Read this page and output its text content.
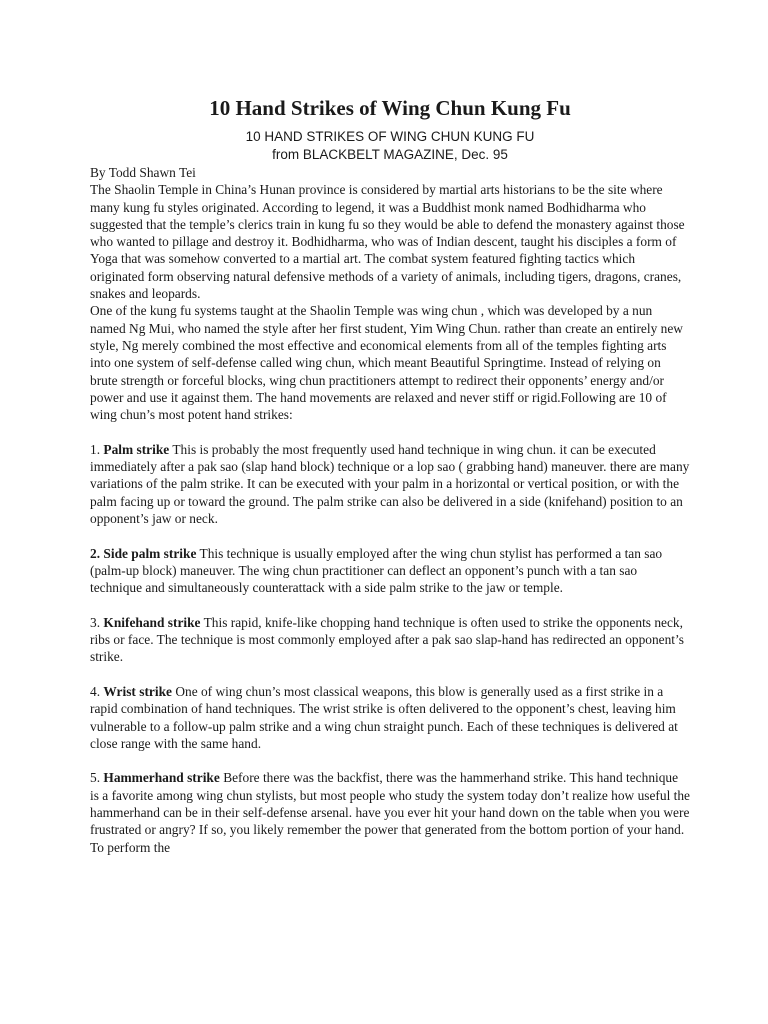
10 Hand Strikes of Wing Chun Kung Fu

10 HAND STRIKES OF WING CHUN KUNG FU

from BLACKBELT MAGAZINE, Dec. 95

By Todd Shawn Tei

The Shaolin Temple in China’s Hunan province is considered by martial arts historians to be the site where many kung fu styles originated. According to legend, it was a Buddhist monk named Bodhidharma who suggested that the temple’s clerics train in kung fu so they would be able to defend the monastery against those who wanted to pillage and destroy it. Bodhidharma, who was of Indian descent, taught his disciples a form of Yoga that was somehow converted to a martial art. The combat system featured fighting tactics which originated form observing natural defensive methods of a variety of animals, including tigers, dragons, cranes, snakes and leopards.

One of the kung fu systems taught at the Shaolin Temple was wing chun , which was developed by a nun named Ng Mui, who named the style after her first student, Yim Wing Chun. rather than create an entirely new style, Ng merely combined the most effective and economical elements from all of the temples fighting arts into one system of self-defense called wing chun, which meant Beautiful Springtime. Instead of relying on brute strength or forceful blocks, wing chun practitioners attempt to redirect their opponents’ energy and/or power and use it against them. The hand movements are relaxed and never stiff or rigid.Following are 10 of wing chun’s most potent hand strikes:

1. Palm strike This is probably the most frequently used hand technique in wing chun. it can be executed immediately after a pak sao (slap hand block) technique or a lop sao ( grabbing hand) maneuver. there are many variations of the palm strike. It can be executed with your palm in a horizontal or vertical position, or with the palm facing up or toward the ground. The palm strike can also be delivered in a side (knifehand) position to an opponent’s jaw or neck.

2. Side palm strike This technique is usually employed after the wing chun stylist has performed a tan sao (palm-up block) maneuver. The wing chun practitioner can deflect an opponent’s punch with a tan sao technique and simultaneously counterattack with a side palm strike to the jaw or temple.

3. Knifehand strike This rapid, knife-like chopping hand technique is often used to strike the opponents neck, ribs or face. The technique is most commonly employed after a pak sao slap-hand has redirected an opponent’s strike.

4. Wrist strike One of wing chun’s most classical weapons, this blow is generally used as a first strike in a rapid combination of hand techniques. The wrist strike is often delivered to the opponent’s chest, leaving him vulnerable to a follow-up palm strike and a wing chun straight punch. Each of these techniques is delivered at close range with the same hand.

5. Hammerhand strike Before there was the backfist, there was the hammerhand strike. This hand technique is a favorite among wing chun stylists, but most people who study the system today don’t realize how useful the hammerhand can be in their self-defense arsenal. have you ever hit your hand down on the table when you were frustrated or angry? If so, you likely remember the power that generated from the bottom portion of your hand. To perform the
